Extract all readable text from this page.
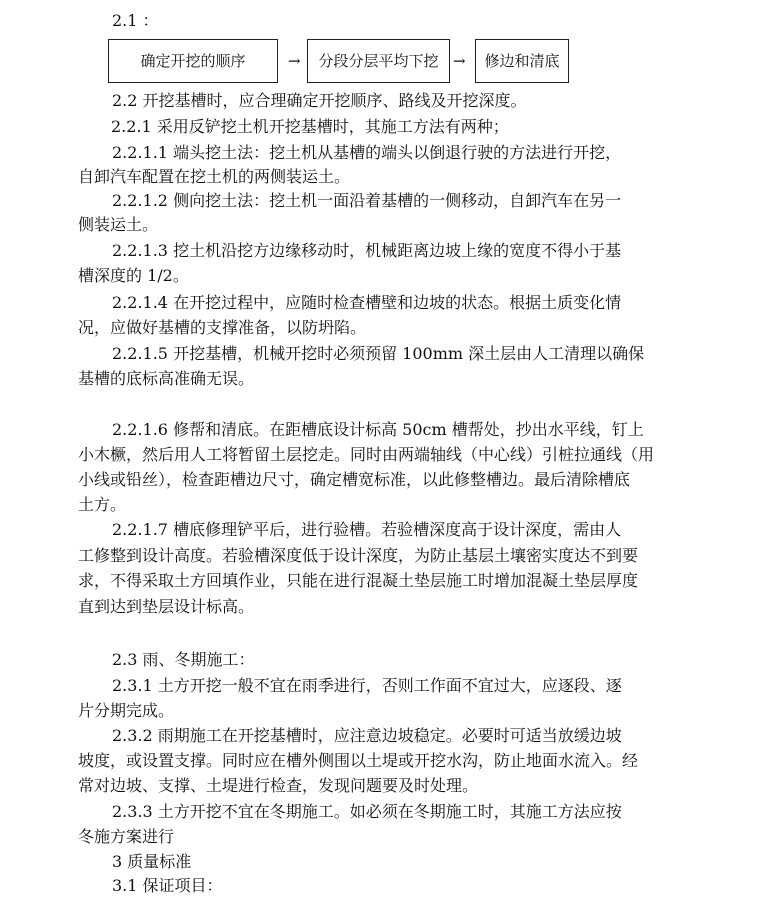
2.1 ：
确定开挖的顺序	→	分段分层平均下挖 →	修边和清底
2.2 开挖基槽时，应合理确定开挖顺序、路线及开挖深度。
2.2.1 采用反铲挖土机开挖基槽时，其施工方法有两种；
2.2.1.1 端头挖土法：挖土机从基槽的端头以倒退行驶的方法进行开挖，
自卸汽车配置在挖土机的两侧装运土。
2.2.1.2 侧向挖土法：挖土机一面沿着基槽的一侧移动，自卸汽车在另一
侧装运土。
2.2.1.3 挖土机沿挖方边缘移动时，机械距离边坡上缘的宽度不得小于基
槽深度的 1/2。
2.2.1.4 在开挖过程中，应随时检查槽壁和边坡的状态。根据土质变化情
况，应做好基槽的支撑准备，以防坍陷。
2.2.1.5 开挖基槽，机械开挖时必须预留 100mm 深土层由人工清理以确保
基槽的底标高准确无误。
2.2.1.6 修帮和清底。在距槽底设计标高 50cm 槽帮处，抄出水平线，钉上
小木橛，然后用人工将暂留土层挖走。同时由两端轴线（中心线）引桩拉通线（用
小线或铅丝），检查距槽边尺寸，确定槽宽标准，以此修整槽边。最后清除槽底
土方。
2.2.1.7 槽底修理铲平后，进行验槽。若验槽深度高于设计深度，需由人
工修整到设计高度。若验槽深度低于设计深度，为防止基层土壤密实度达不到要
求，不得采取土方回填作业，只能在进行混凝土垫层施工时增加混凝土垫层厚度
直到达到垫层设计标高。
2.3 雨、冬期施工：
2.3.1 土方开挖一般不宜在雨季进行，否则工作面不宜过大，应逐段、逐
片分期完成。
2.3.2 雨期施工在开挖基槽时，应注意边坡稳定。必要时可适当放缓边坡
坡度，或设置支撑。同时应在槽外侧围以土堤或开挖水沟，防止地面水流入。经
常对边坡、支撑、土堤进行检查，发现问题要及时处理。
2.3.3 土方开挖不宜在冬期施工。如必须在冬期施工时，其施工方法应按
冬施方案进行
3 质量标准
3.1 保证项目：
